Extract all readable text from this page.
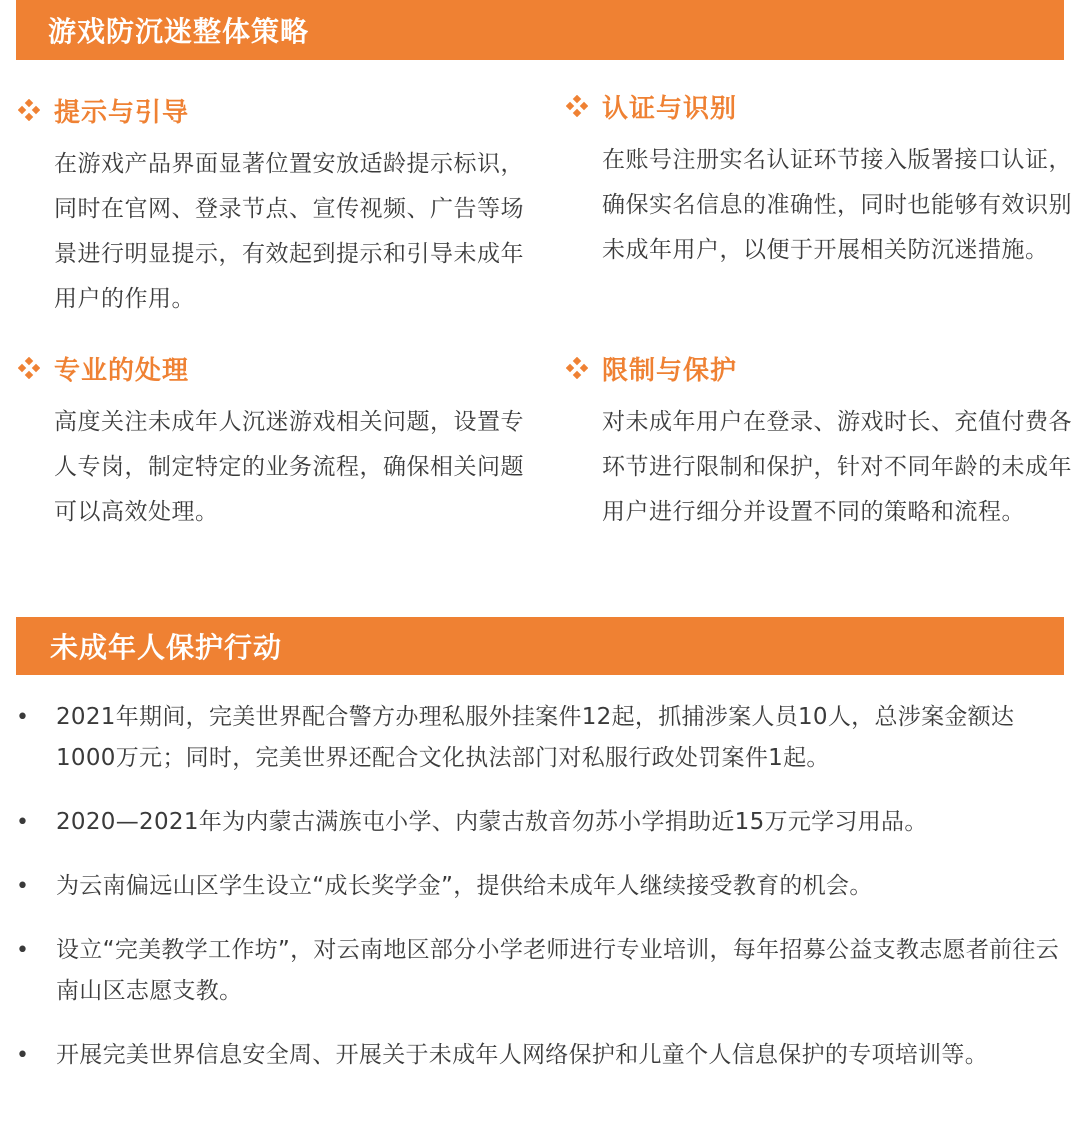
游戏防沉迷整体策略
提示与引导
在游戏产品界面显著位置安放适龄提示标识，同时在官网、登录节点、宣传视频、广告等场景进行明显提示，有效起到提示和引导未成年用户的作用。
认证与识别
在账号注册实名认证环节接入版署接口认证，确保实名信息的准确性，同时也能够有效识别未成年用户，以便于开展相关防沉迷措施。
专业的处理
高度关注未成年人沉迷游戏相关问题，设置专人专岗，制定特定的业务流程，确保相关问题可以高效处理。
限制与保护
对未成年用户在登录、游戏时长、充值付费各环节进行限制和保护，针对不同年龄的未成年用户进行细分并设置不同的策略和流程。
未成年人保护行动
•	2021年期间，完美世界配合警方办理私服外挂案件12起，抓捕涉案人员10人，总涉案金额达1000万元；同时，完美世界还配合文化执法部门对私服行政处罚案件1起。
•	2020—2021年为内蒙古满族屯小学、内蒙古敖音勿苏小学捐助近15万元学习用品。
•	为云南偏远山区学生设立“成长奖学金”，提供给未成年人继续接受教育的机会。
•	设立“完美教学工作坊”，对云南地区部分小学老师进行专业培训，每年招募公益支教志愿者前往云南山区志愿支教。
•	开展完美世界信息安全周、开展关于未成年人网络保护和儿童个人信息保护的专项培训等。
